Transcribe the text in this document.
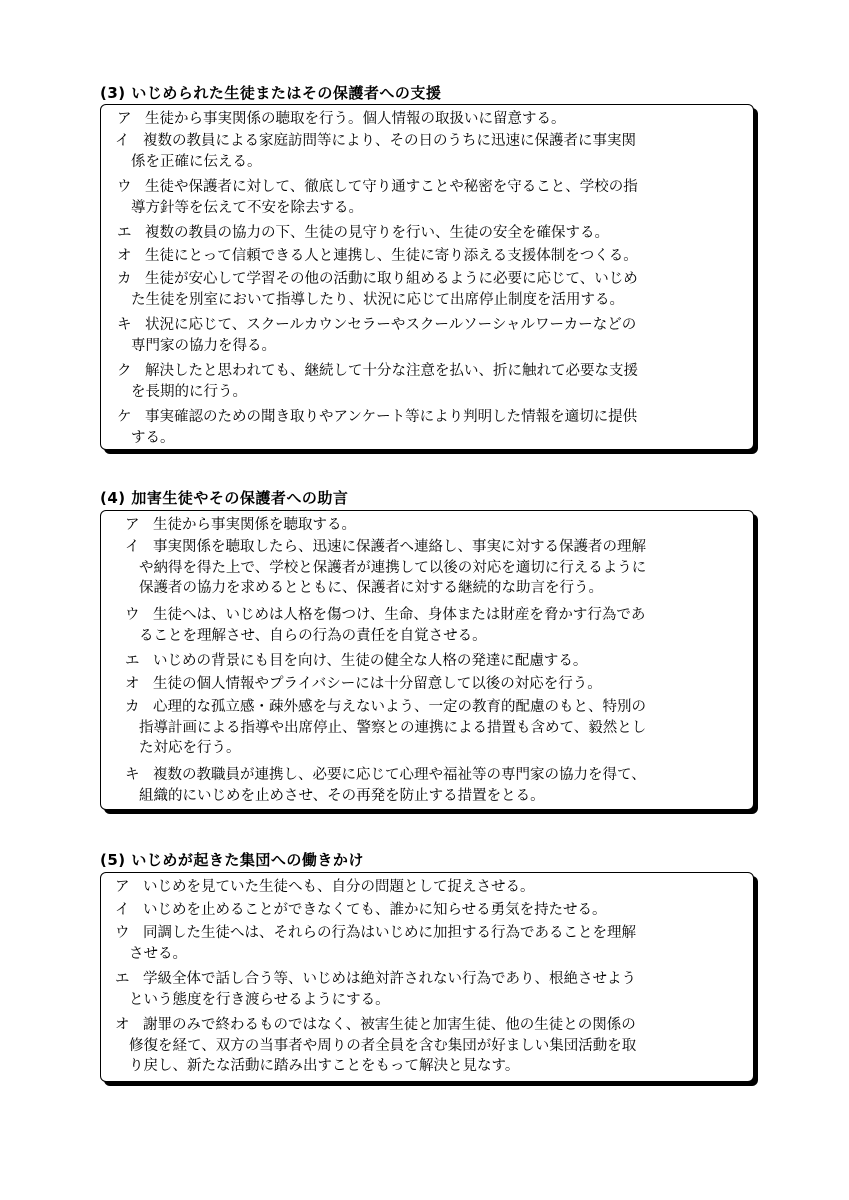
(3) いじめられた生徒またはその保護者への支援
ア 生徒から事実関係の聴取を行う。個人情報の取扱いに留意する。
イ 複数の教員による家庭訪問等により、その日のうちに迅速に保護者に事実関
係を正確に伝える。
ウ 生徒や保護者に対して、徹底して守り通すことや秘密を守ること、学校の指
導方針等を伝えて不安を除去する。
エ 複数の教員の協力の下、生徒の見守りを行い、生徒の安全を確保する。
オ 生徒にとって信頼できる人と連携し、生徒に寄り添える支援体制をつくる。
カ 生徒が安心して学習その他の活動に取り組めるように必要に応じて、いじめ
た生徒を別室において指導したり、状況に応じて出席停止制度を活用する。
キ 状況に応じて、スクールカウンセラーやスクールソーシャルワーカーなどの
専門家の協力を得る。
ク 解決したと思われても、継続して十分な注意を払い、折に触れて必要な支援
を長期的に行う。
ケ 事実確認のための聞き取りやアンケート等により判明した情報を適切に提供
する。
(4) 加害生徒やその保護者への助言
ア 生徒から事実関係を聴取する。
イ 事実関係を聴取したら、迅速に保護者へ連絡し、事実に対する保護者の理解
や納得を得た上で、学校と保護者が連携して以後の対応を適切に行えるように
保護者の協力を求めるとともに、保護者に対する継続的な助言を行う。
ウ 生徒へは、いじめは人格を傷つけ、生命、身体または財産を脅かす行為であ
ることを理解させ、自らの行為の責任を自覚させる。
エ いじめの背景にも目を向け、生徒の健全な人格の発達に配慮する。
オ 生徒の個人情報やプライバシーには十分留意して以後の対応を行う。
カ 心理的な孤立感・疎外感を与えないよう、一定の教育的配慮のもと、特別の
指導計画による指導や出席停止、警察との連携による措置も含めて、毅然とし
た対応を行う。
キ 複数の教職員が連携し、必要に応じて心理や福祉等の専門家の協力を得て、
組織的にいじめを止めさせ、その再発を防止する措置をとる。
(5) いじめが起きた集団への働きかけ
ア いじめを見ていた生徒へも、自分の問題として捉えさせる。
イ いじめを止めることができなくても、誰かに知らせる勇気を持たせる。
ウ 同調した生徒へは、それらの行為はいじめに加担する行為であることを理解
させる。
エ 学級全体で話し合う等、いじめは絶対許されない行為であり、根絶させよう
という態度を行き渡らせるようにする。
オ 謝罪のみで終わるものではなく、被害生徒と加害生徒、他の生徒との関係の
修復を経て、双方の当事者や周りの者全員を含む集団が好ましい集団活動を取
り戻し、新たな活動に踏み出すことをもって解決と見なす。
